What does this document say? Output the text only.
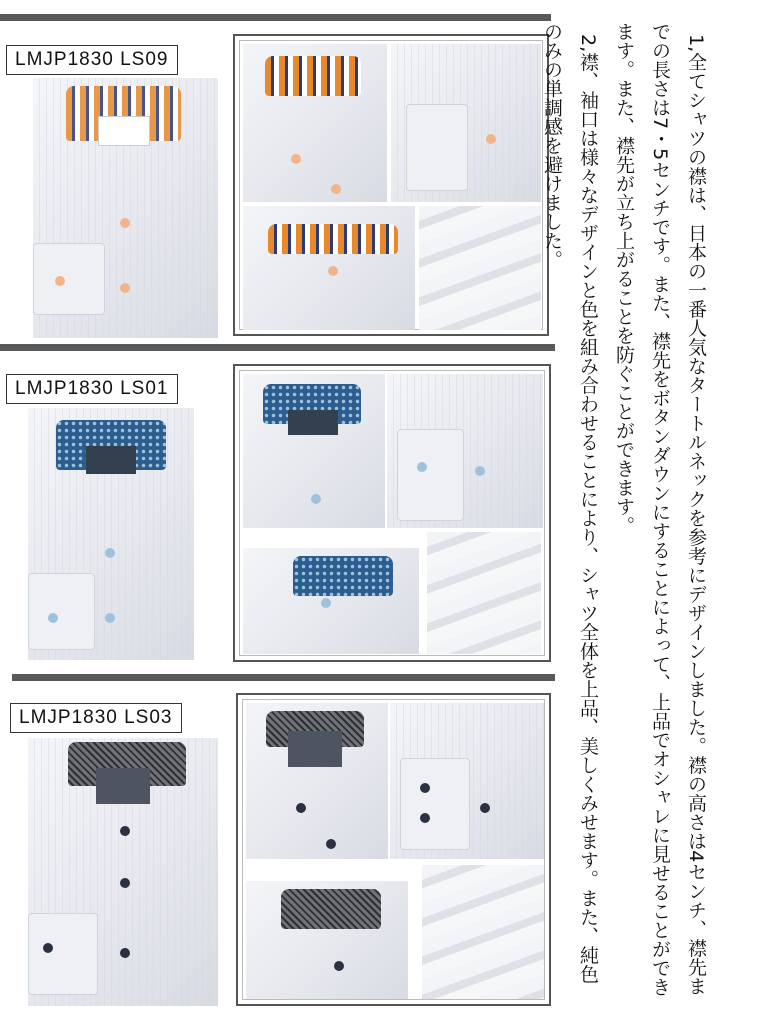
LMJP1830 LS09
LMJP1830 LS01
LMJP1830 LS03	1,全てシャツの襟は、日本の一番人気なタートルネックを参考にデザインしました。襟の高さは4センチ、襟先までの長さは7・5センチです。また、襟先をボタンダウンにすることによって、上品でオシャレに見せることができます。また、襟先が立ち上がることを防ぐことができます。
2,襟、袖口は様々なデザインと色を組み合わせることにより、シャツ全体を上品、美しくみせます。また、純色のみの単調感を避けました。
